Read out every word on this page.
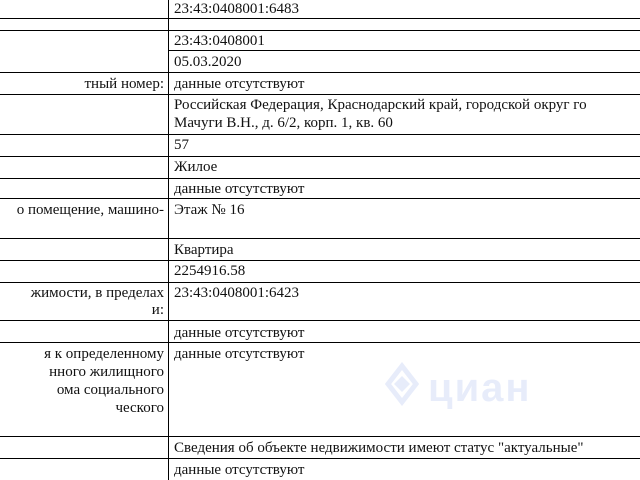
циан
23:43:0408001:6483
23:43:0408001
05.03.2020
тный номер: данные отсутствуют
Российская Федерация, Краснодарский край, городской округ го
Мачуги В.Н., д. 6/2, корп. 1, кв. 60
57
Жилое
данные отсутствуют
о помещение, машино- Этаж № 16
Квартира
2254916.58
жимости, в пределах 23:43:0408001:6423
и:
данные отсутствуют
я к определенному данные отсутствуют
нного жилищного
ома социального
ческого
Сведения об объекте недвижимости имеют статус "актуальные"
данные отсутствуют
